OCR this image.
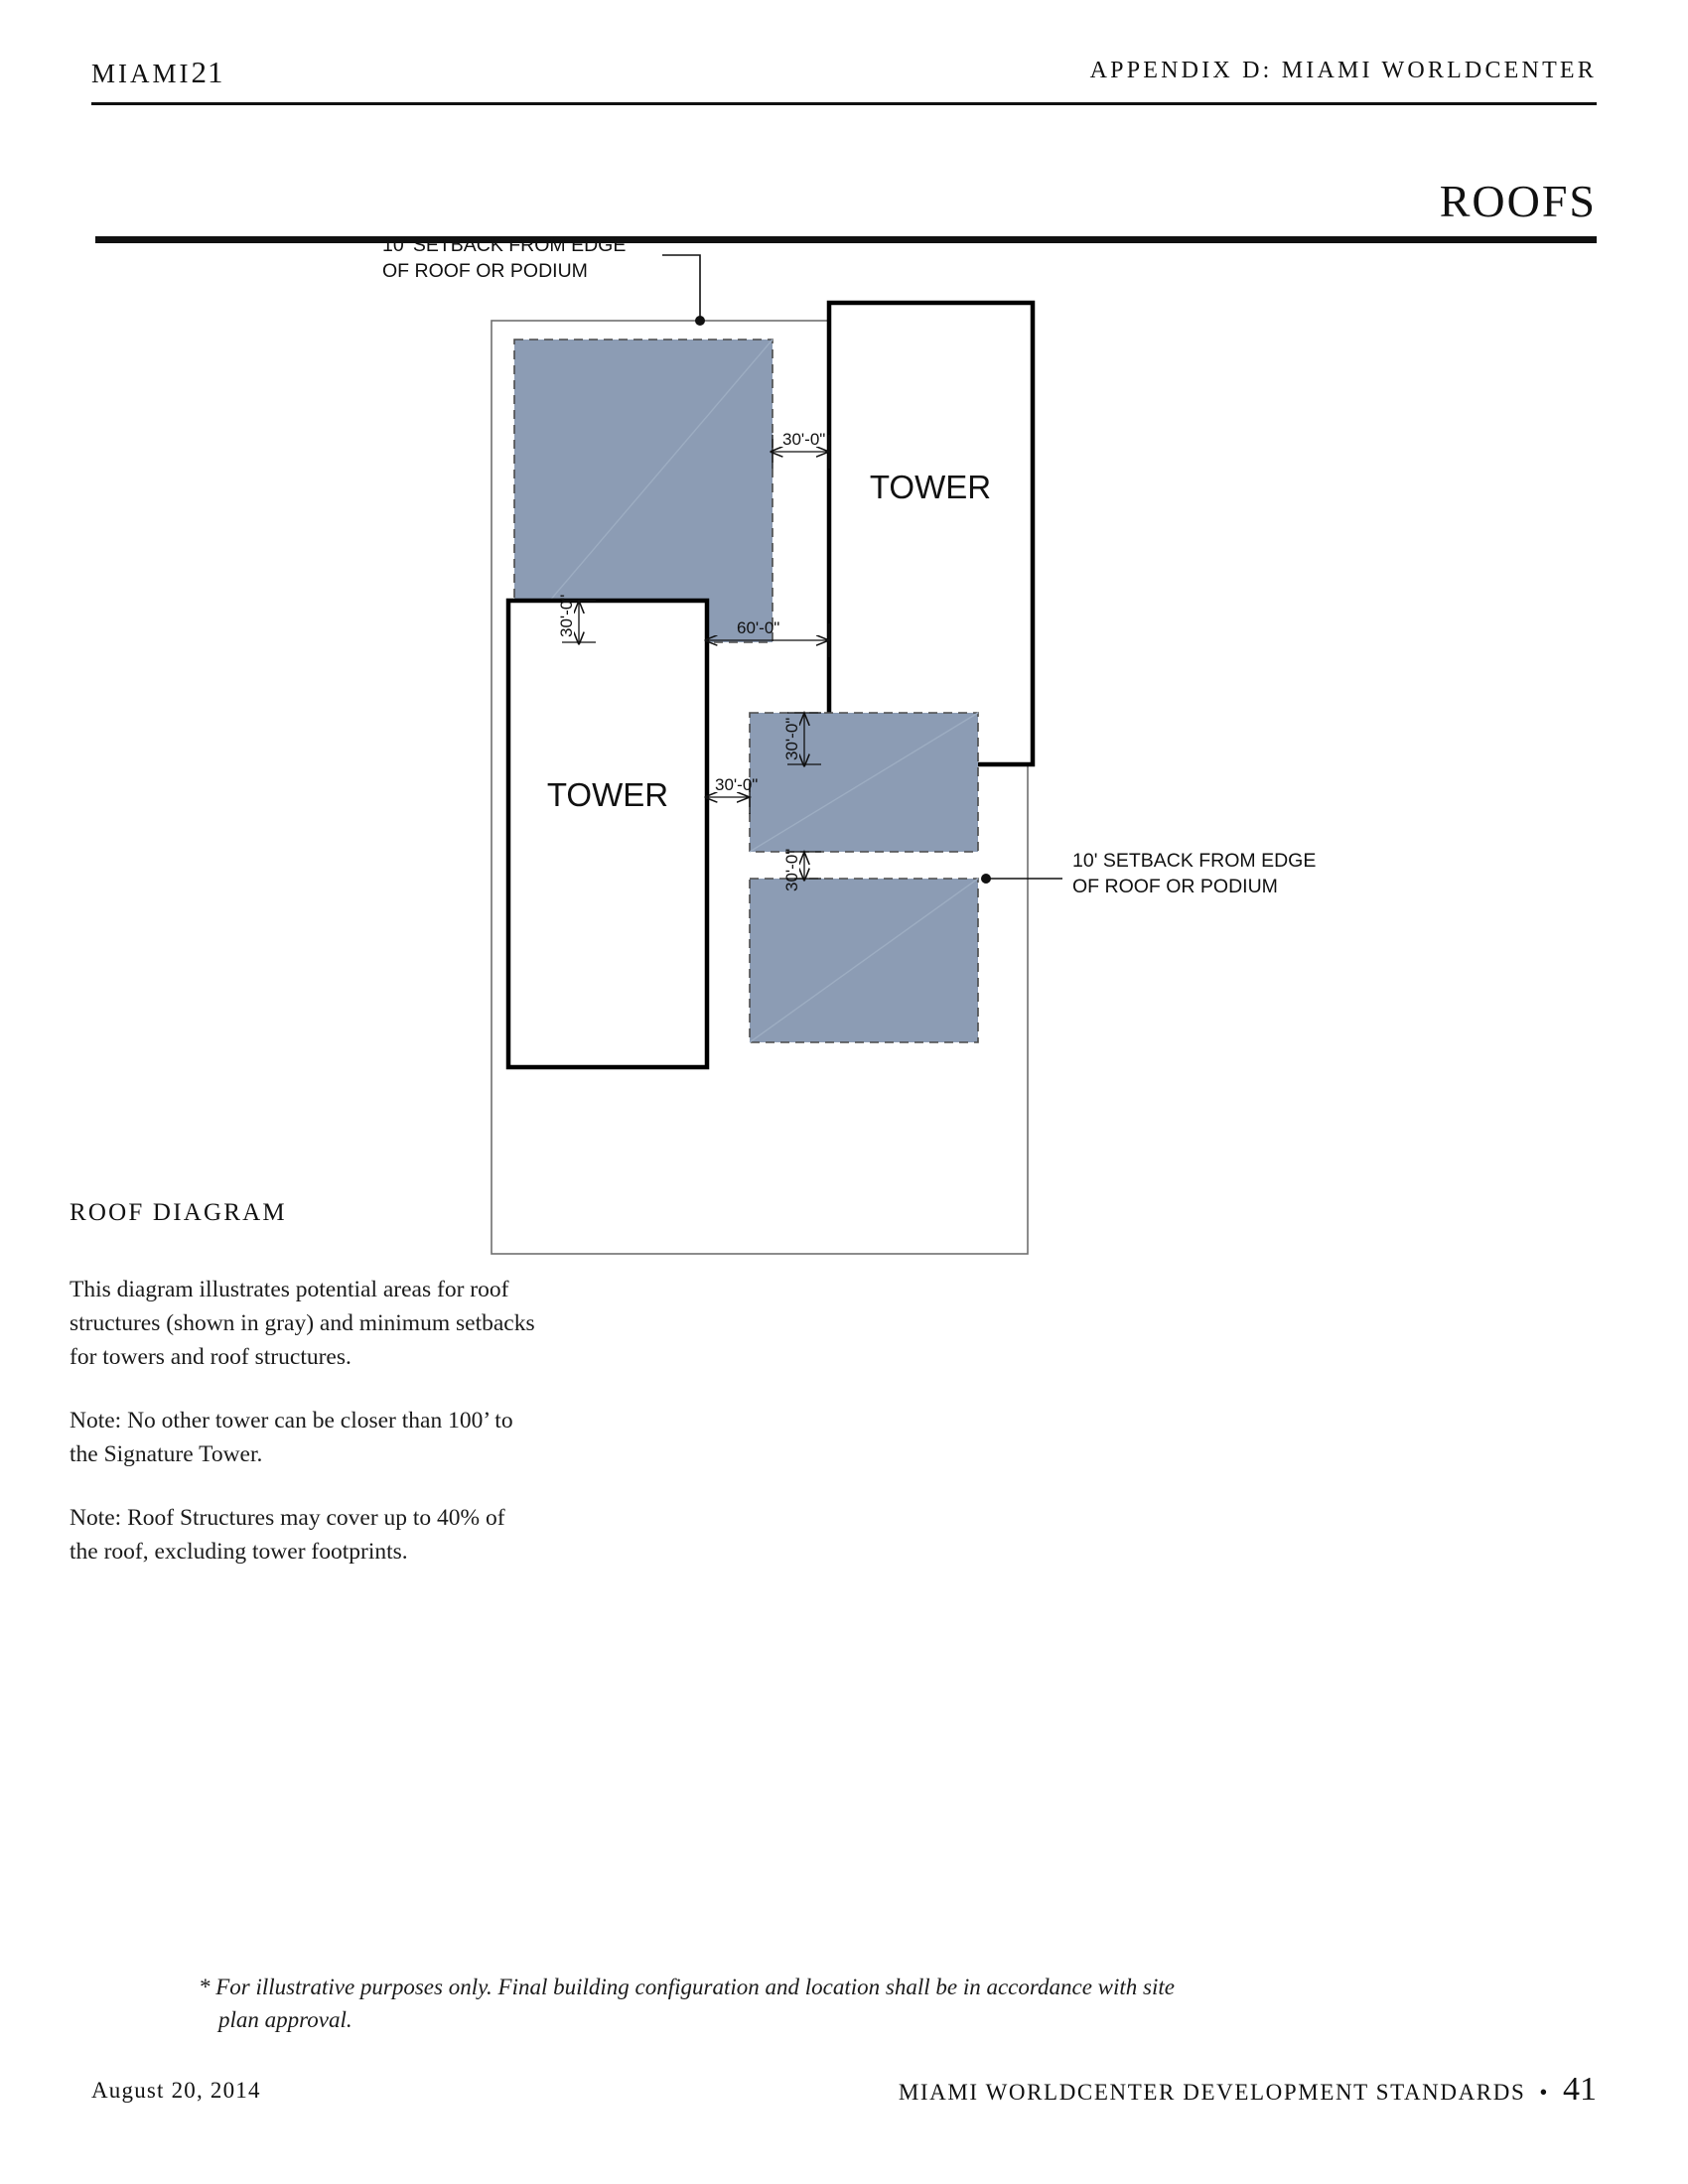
MIAMI21	APPENDIX D: MIAMI WORLDCENTER
ROOFS
ROOF DIAGRAM

This diagram illustrates potential areas for roof structures (shown in gray) and minimum setbacks for towers and roof structures.

Note: No other tower can be closer than 100’ to the Signature Tower.

Note: Roof Structures may cover up to 40% of the roof, excluding tower footprints.

TOWER
TOWER
10' SETBACK FROM EDGE
OF ROOF OR PODIUM
10' SETBACK FROM EDGE
OF ROOF OR PODIUM
30'-0"
30'-0"	60'-0"
30'-0"
30'-0"
30'-0"
* For illustrative purposes only. Final building configuration and location shall be in accordance with site
plan approval.
August 20, 2014	MIAMI WORLDCENTER DEVELOPMENT STANDARDS • 41
